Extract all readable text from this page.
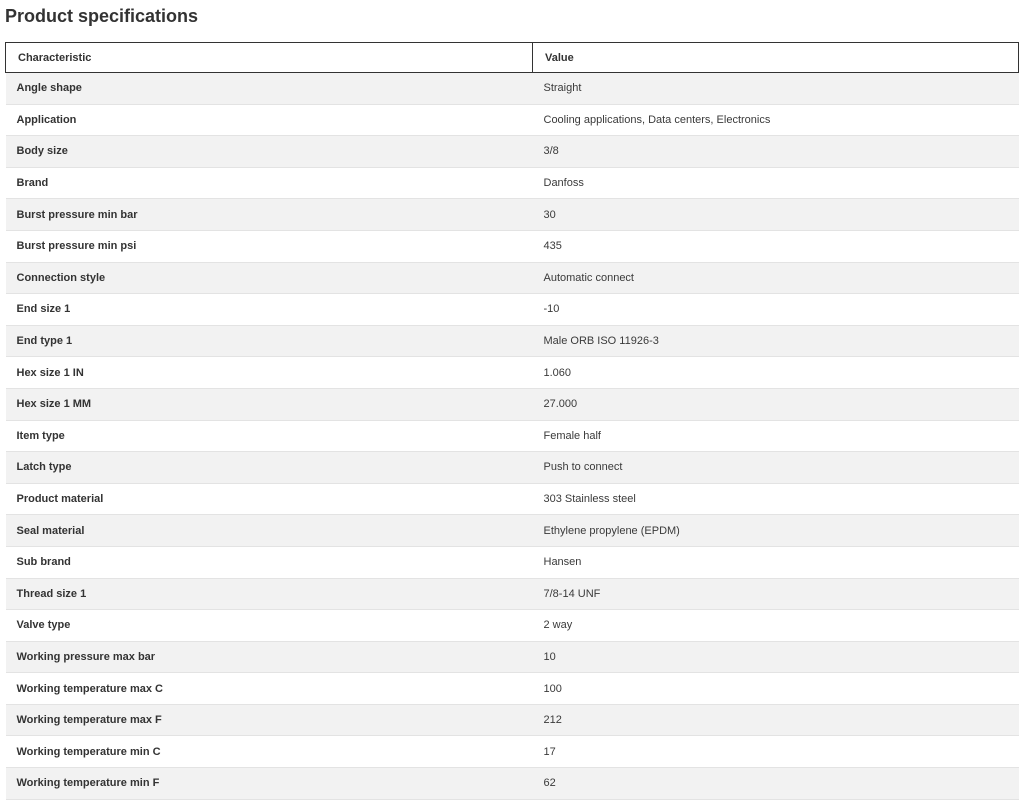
Product specifications
Characteristic	Value
Angle shape	Straight
Application	Cooling applications, Data centers, Electronics
Body size	3/8
Brand	Danfoss
Burst pressure min bar	30
Burst pressure min psi	435
Connection style	Automatic connect
End size 1	-10
End type 1	Male ORB ISO 11926-3
Hex size 1 IN	1.060
Hex size 1 MM	27.000
Item type	Female half
Latch type	Push to connect
Product material	303 Stainless steel
Seal material	Ethylene propylene (EPDM)
Sub brand	Hansen
Thread size 1	7/8-14 UNF
Valve type	2 way
Working pressure max bar	10
Working temperature max C	100
Working temperature max F	212
Working temperature min C	17
Working temperature min F	62
